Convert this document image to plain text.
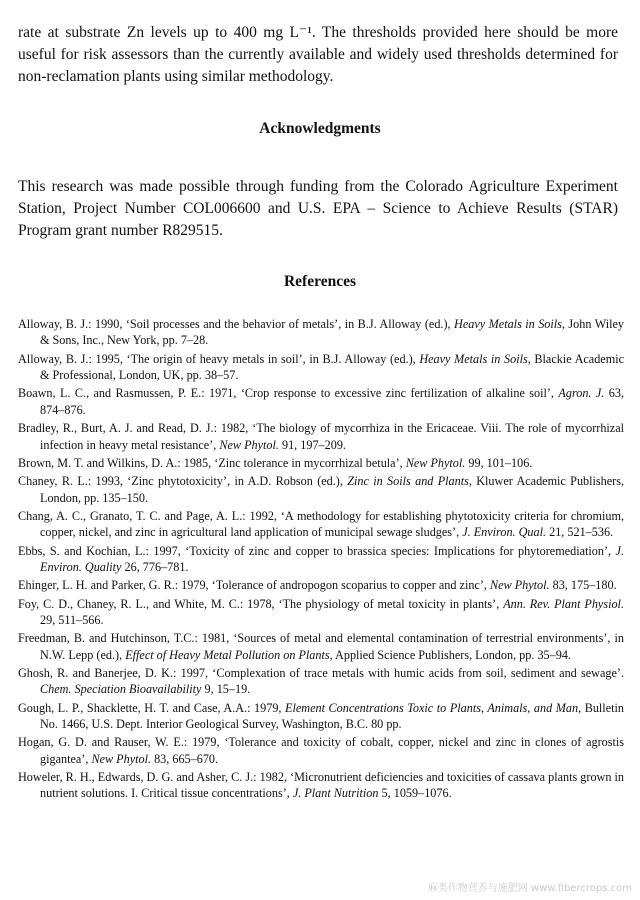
rate at substrate Zn levels up to 400 mg L⁻¹. The thresholds provided here should be more useful for risk assessors than the currently available and widely used thresholds determined for non-reclamation plants using similar methodology.

Acknowledgments

This research was made possible through funding from the Colorado Agriculture Experiment Station, Project Number COL006600 and U.S. EPA – Science to Achieve Results (STAR) Program grant number R829515.

References
Alloway, B. J.: 1990, ‘Soil processes and the behavior of metals’, in B.J. Alloway (ed.), Heavy Metals in Soils, John Wiley & Sons, Inc., New York, pp. 7–28.
Alloway, B. J.: 1995, ‘The origin of heavy metals in soil’, in B.J. Alloway (ed.), Heavy Metals in Soils, Blackie Academic & Professional, London, UK, pp. 38–57.
Boawn, L. C., and Rasmussen, P. E.: 1971, ‘Crop response to excessive zinc fertilization of alkaline soil’, Agron. J. 63, 874–876.
Bradley, R., Burt, A. J. and Read, D. J.: 1982, ‘The biology of mycorrhiza in the Ericaceae. Viii. The role of mycorrhizal infection in heavy metal resistance’, New Phytol. 91, 197–209.
Brown, M. T. and Wilkins, D. A.: 1985, ‘Zinc tolerance in mycorrhizal betula’, New Phytol. 99, 101–106.
Chaney, R. L.: 1993, ‘Zinc phytotoxicity’, in A.D. Robson (ed.), Zinc in Soils and Plants, Kluwer Academic Publishers, London, pp. 135–150.
Chang, A. C., Granato, T. C. and Page, A. L.: 1992, ‘A methodology for establishing phytotoxicity criteria for chromium, copper, nickel, and zinc in agricultural land application of municipal sewage sludges’, J. Environ. Qual. 21, 521–536.
Ebbs, S. and Kochian, L.: 1997, ‘Toxicity of zinc and copper to brassica species: Implications for phytoremediation’, J. Environ. Quality 26, 776–781.
Ehinger, L. H. and Parker, G. R.: 1979, ‘Tolerance of andropogon scoparius to copper and zinc’, New Phytol. 83, 175–180.
Foy, C. D., Chaney, R. L., and White, M. C.: 1978, ‘The physiology of metal toxicity in plants’, Ann. Rev. Plant Physiol. 29, 511–566.
Freedman, B. and Hutchinson, T.C.: 1981, ‘Sources of metal and elemental contamination of terrestrial environments’, in N.W. Lepp (ed.), Effect of Heavy Metal Pollution on Plants, Applied Science Publishers, London, pp. 35–94.
Ghosh, R. and Banerjee, D. K.: 1997, ‘Complexation of trace metals with humic acids from soil, sediment and sewage’. Chem. Speciation Bioavailability 9, 15–19.
Gough, L. P., Shacklette, H. T. and Case, A.A.: 1979, Element Concentrations Toxic to Plants, Animals, and Man, Bulletin No. 1466, U.S. Dept. Interior Geological Survey, Washington, B.C. 80 pp.
Hogan, G. D. and Rauser, W. E.: 1979, ‘Tolerance and toxicity of cobalt, copper, nickel and zinc in clones of agrostis gigantea’, New Phytol. 83, 665–670.
Howeler, R. H., Edwards, D. G. and Asher, C. J.: 1982, ‘Micronutrient deficiencies and toxicities of cassava plants grown in nutrient solutions. I. Critical tissue concentrations’, J. Plant Nutrition 5, 1059–1076.
麻类作物营养与施肥网 www.fibercrops.com
